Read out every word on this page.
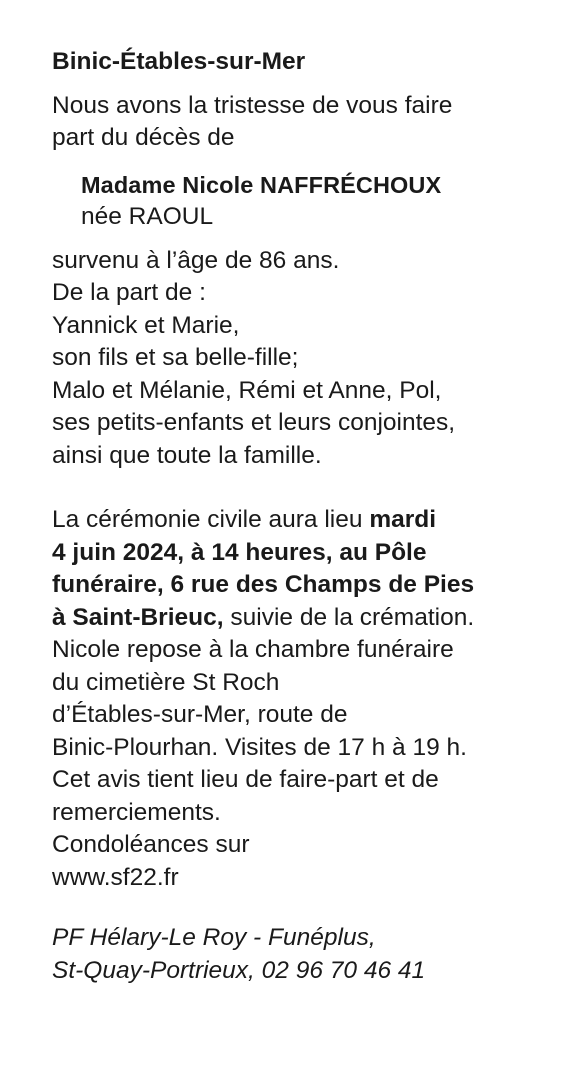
Binic-Étables-sur-Mer
Nous avons la tristesse de vous faire
part du décès de
Madame Nicole NAFFRÉCHOUX
née RAOUL
survenu à l’âge de 86 ans.
De la part de :
Yannick et Marie,
son fils et sa belle-fille;
Malo et Mélanie, Rémi et Anne, Pol,
ses petits-enfants et leurs conjointes,
ainsi que toute la famille.
La cérémonie civile aura lieu mardi
4 juin 2024, à 14 heures, au Pôle
funéraire, 6 rue des Champs de Pies
à Saint-Brieuc, suivie de la crémation.
Nicole repose à la chambre funéraire
du cimetière St Roch
d’Étables-sur-Mer, route de
Binic-Plourhan. Visites de 17 h à 19 h.
Cet avis tient lieu de faire-part et de
remerciements.
Condoléances sur
www.sf22.fr
PF Hélary-Le Roy - Funéplus,
St-Quay-Portrieux, 02 96 70 46 41
